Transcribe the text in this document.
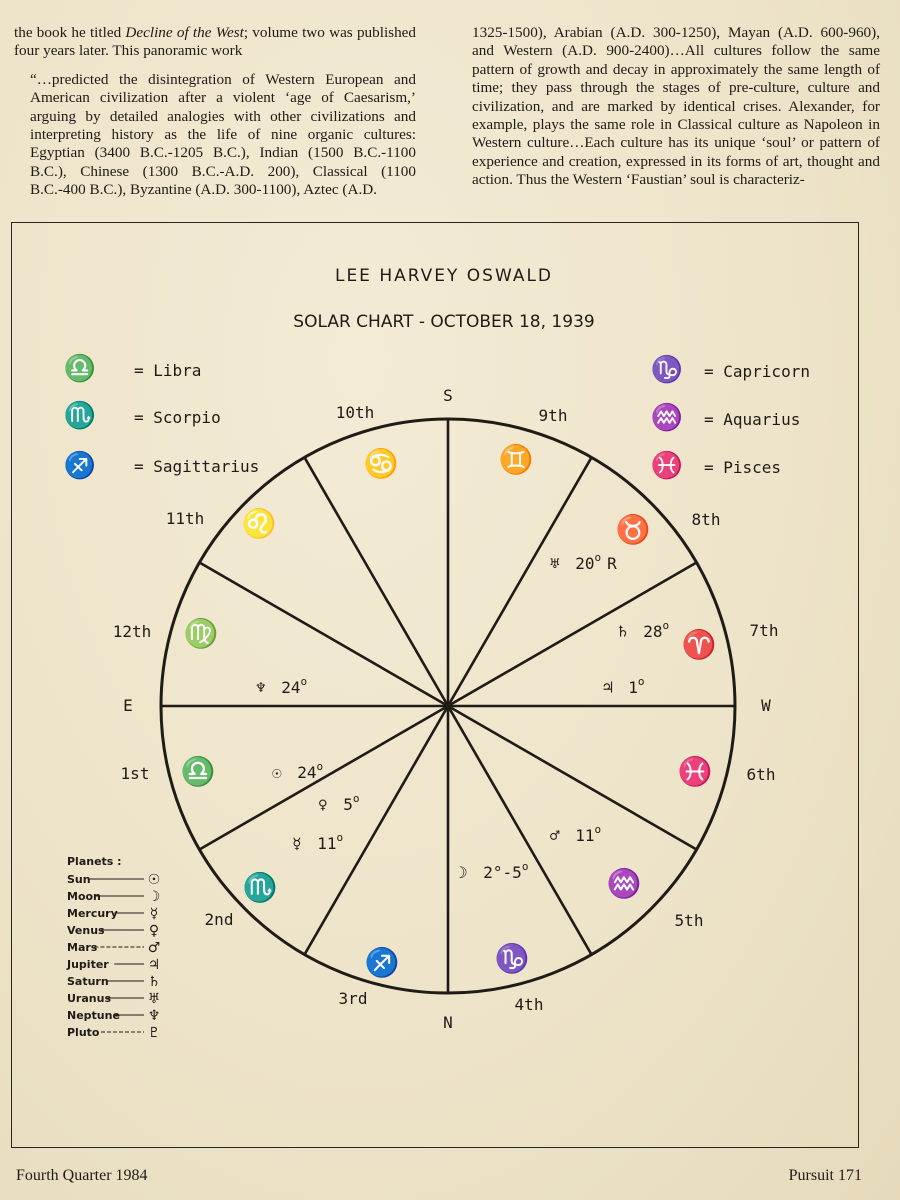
the book he titled Decline of the West; volume two was published four years later. This panoramic work

“…predicted the disintegration of Western European and American civilization after a violent ‘age of Caesarism,’ arguing by detailed analogies with other civilizations and interpreting history as the life of nine organic cultures: Egyptian (3400 B.C.-1205 B.C.), Indian (1500 B.C.-1100 B.C.), Chinese (1300 B.C.-A.D. 200), Classical (1100 B.C.-400 B.C.), Byzantine (A.D. 300-1100), Aztec (A.D.

1325-1500), Arabian (A.D. 300-1250), Mayan (A.D. 600-960), and Western (A.D. 900-2400)…All cultures follow the same pattern of growth and decay in approximately the same length of time; they pass through the stages of pre-culture, culture and civilization, and are marked by identical crises. Alexander, for example, plays the same role in Classical culture as Napoleon in Western culture…Each culture has its unique ‘soul’ or pattern of experience and creation, expressed in its forms of art, thought and action. Thus the Western ‘Faustian’ soul is characteriz-

LEE HARVEY OSWALD
SOLAR CHART - OCTOBER 18, 1939
♎ = Libra
♏ = Scorpio
♐ = Sagittarius
♑ = Capricorn
♒ = Aquarius
♓ = Pisces
S
N
E	W
1st
2nd
3rd	4th
5th
6th
7th
8th
9th
10th
11th
12th
♎
♏
♐	♑
♒
♓
♈
♉
♊
♋
♌
♍
♅ 20$^o$ R
♄ 28$^o$
♃ 1$^o$
♆ 24$^o$
☉ 24$^o$
♀ 5$^o$
☿ 11$^o$	♂ 11$^o$
☽ 2°-5$^o$
Planets :
Sun	☉
Moon	☽
Mercury ☿
Venus	♀
Mars	♂
Jupiter	♃
Saturn	♄
Uranus	♅
Neptune ♆
Pluto	♇
Fourth Quarter 1984	Pursuit 171
